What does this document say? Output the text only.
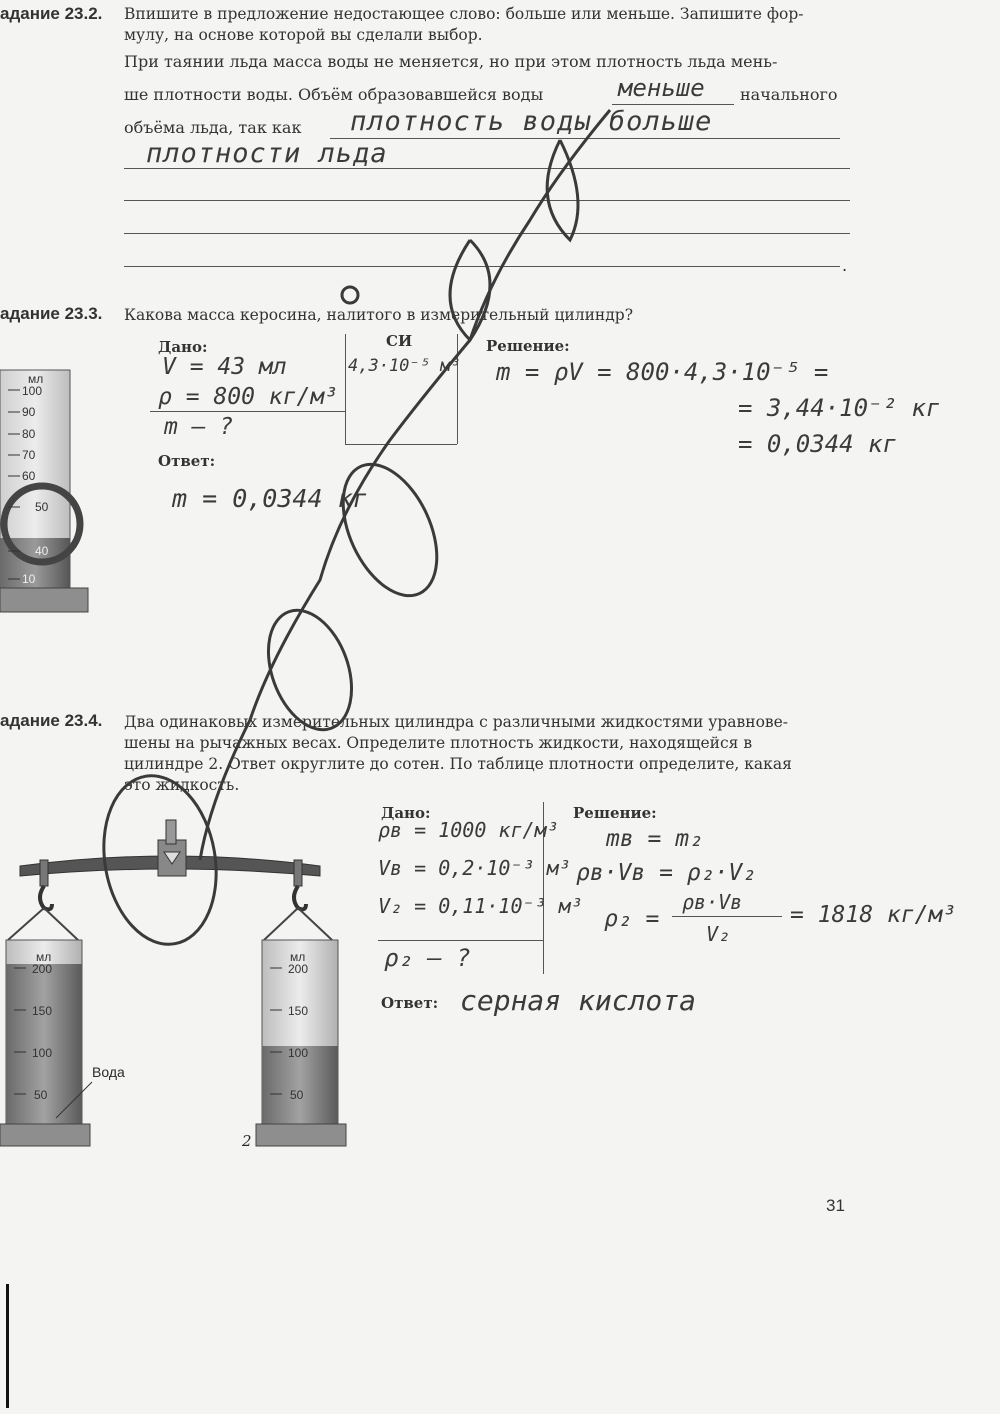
адание 23.2. Впишите в предложение недостающее слово: больше или меньше. Запишите фор-
мулу, на основе которой вы сделали выбор.
При таянии льда масса воды не меняется, но при этом плотность льда мень-
ше плотности воды. Объём образовавшейся воды	начального
объёма льда, так как
.
меньше
плотность воды больше
плотности льда
адание 23.3. Какова масса керосина, налитого в измерительный цилиндр?
Дано:	СИ	Решение:
Ответ:
V = 43 мл
ρ = 800 кг/м³
m – ?
4,3·10⁻⁵ м³ m = ρV = 800·4,3·10⁻⁵ =
= 3,44·10⁻² кг
= 0,0344 кг
m = 0,0344 кг
мл
100
90
80
70
60
50
40
10
адание 23.4. Два одинаковых измерительных цилиндра с различными жидкостями уравнове-
шены на рычажных весах. Определите плотность жидкости, находящейся в
цилиндре 2. Ответ округлите до сотен. По таблице плотности определите, какая
это жидкость.
Дано:	Решение:
Ответ:
ρв = 1000 кг/м³
Vв = 0,2·10⁻³ м³
V₂ = 0,11·10⁻³ м³
ρ₂ – ?
mв = m₂
ρв·Vв = ρ₂·V₂
ρ₂ =
ρв·Vв
V₂
= 1818 кг/м³
серная кислота
мл
200
150
100
50
Вода
мл
200
150
100
50
2
31
